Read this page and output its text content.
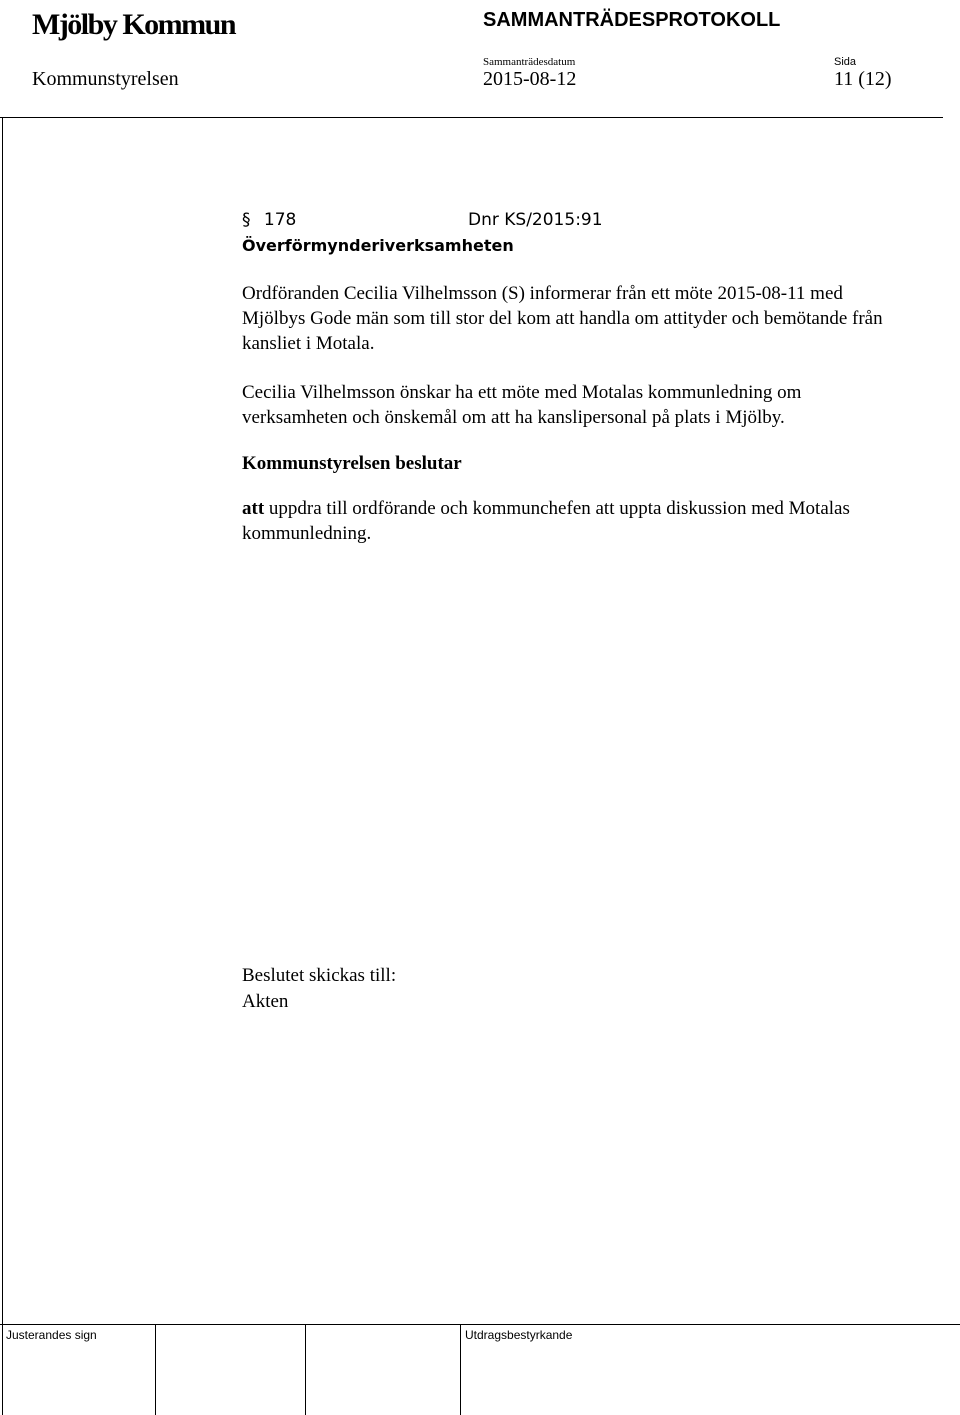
Mjölby Kommun	SAMMANTRÄDESPROTOKOLL
Sammanträdesdatum	Sida
Kommunstyrelsen	2015-08-12	11 (12)
§ 178	Dnr KS/2015:91
Överförmynderiverksamheten

Ordföranden Cecilia Vilhelmsson (S) informerar från ett möte 2015-08-11 med Mjölbys Gode män som till stor del kom att handla om attityder och bemötande från kansliet i Motala.

Cecilia Vilhelmsson önskar ha ett möte med Motalas kommunledning om verksamheten och önskemål om att ha kanslipersonal på plats i Mjölby.

Kommunstyrelsen beslutar

att uppdra till ordförande och kommunchefen att uppta diskussion med Motalas kommunledning.

Beslutet skickas till:
Akten
Justerandes sign	Utdragsbestyrkande
